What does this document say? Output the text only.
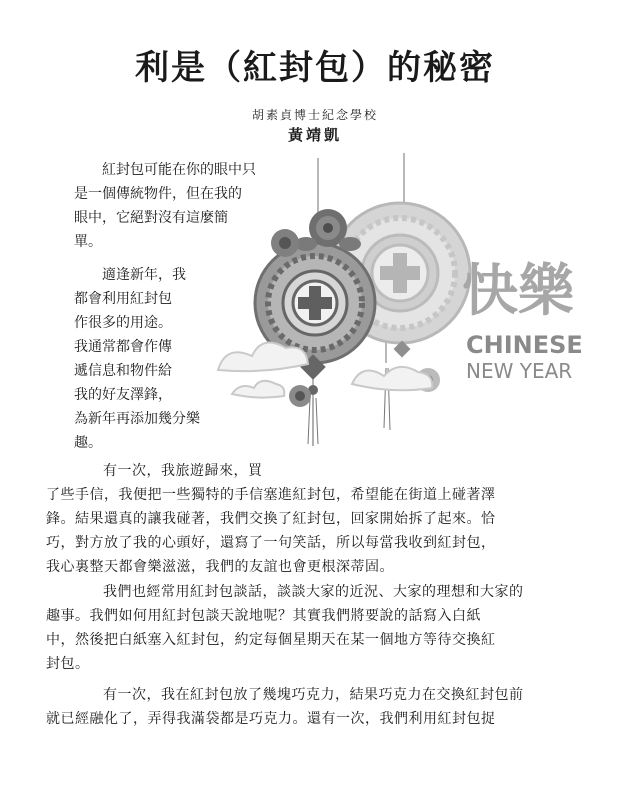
利是（紅封包）的秘密
胡素貞博士紀念學校
黃靖凱
　　紅封包可能在你的眼中只
是一個傳統物件，但在我的
眼中，它絕對沒有這麼簡
單。
　　適逢新年，我
都會利用紅封包
作很多的用途。
我通常都會作傳
遞信息和物件給
我的好友澤鋒，
為新年再添加幾分樂
趣。
快樂
CHINESE
NEW YEAR
　　有一次，我旅遊歸來，買
了些手信，我便把一些獨特的手信塞進紅封包，希望能在街道上碰著澤
鋒。結果還真的讓我碰著，我們交換了紅封包，回家開始拆了起來。恰
巧，對方放了我的心頭好，還寫了一句笑話，所以每當我收到紅封包，
我心裏整天都會樂滋滋，我們的友誼也會更根深蒂固。
　　我們也經常用紅封包談話，談談大家的近況、大家的理想和大家的
趣事。我們如何用紅封包談天說地呢？其實我們將要說的話寫入白紙
中，然後把白紙塞入紅封包，約定每個星期天在某一個地方等待交換紅
封包。
　　有一次，我在紅封包放了幾塊巧克力，結果巧克力在交換紅封包前
就已經融化了，弄得我滿袋都是巧克力。還有一次，我們利用紅封包捉
